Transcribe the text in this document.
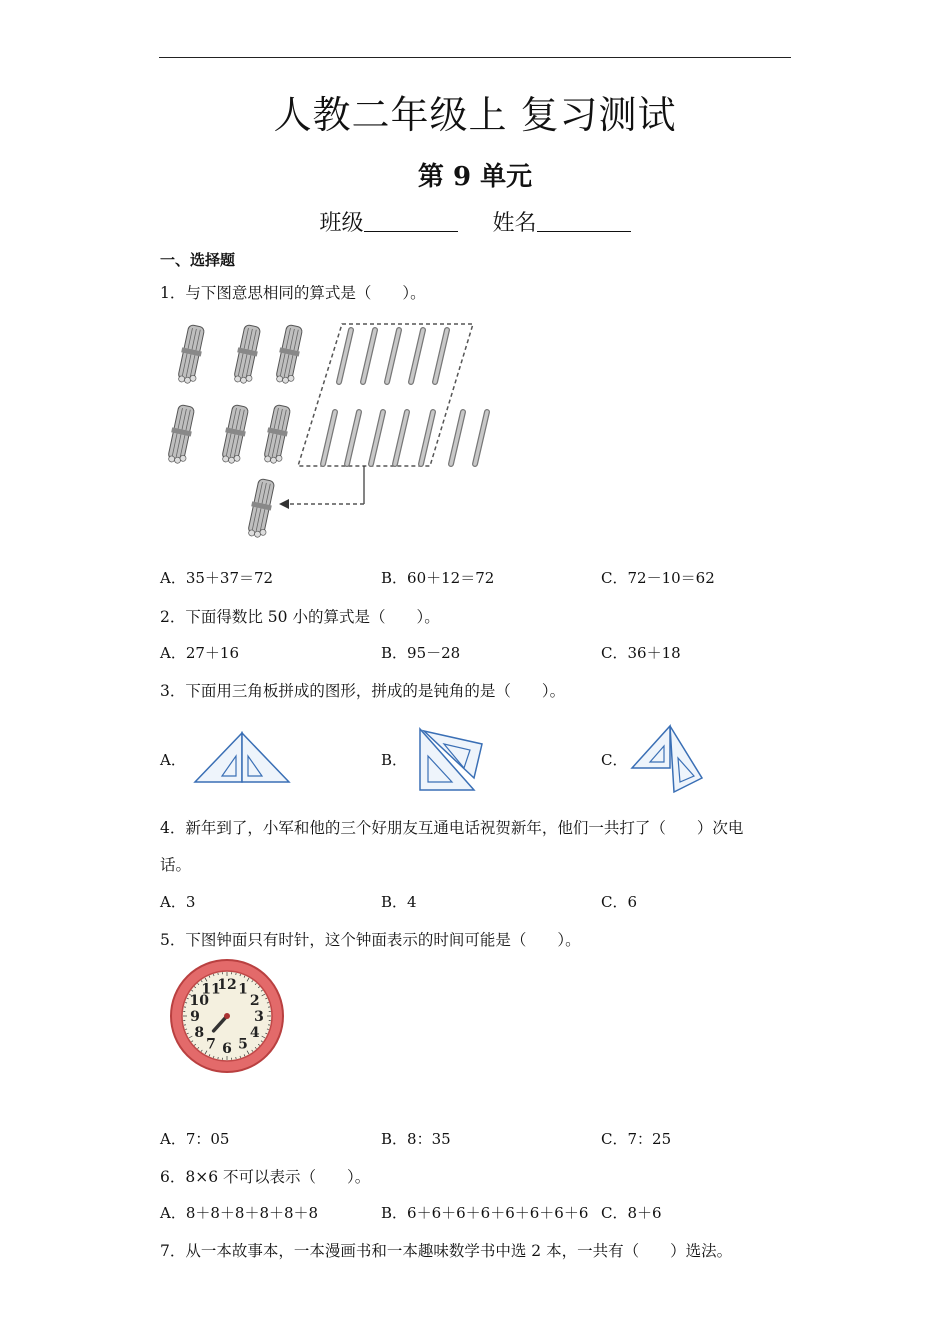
人教二年级上 复习测试
第 9 单元
班级	姓名
一、选择题
1．与下图意思相同的算式是（　　）。
A．35＋37＝72	B．60＋12＝72	C．72－10＝62
2．下面得数比 50 小的算式是（　　）。
A．27＋16	B．95－28	C．36＋18
3．下面用三角板拼成的图形，拼成的是钝角的是（　　）。
A．	B．	C．
4．新年到了，小军和他的三个好朋友互通电话祝贺新年，他们一共打了（　　）次电
话。
A．3	B．4	C．6
5．下图钟面只有时针，这个钟面表示的时间可能是（　　）。
12 1
2
3
4
5
6
7
8
9
10
11
A．7：05	B．8：35	C．7：25
6．8×6 不可以表示（　　）。
A．8＋8＋8＋8＋8＋8	B．6＋6＋6＋6＋6＋6＋6＋6 C．8＋6
7．从一本故事本，一本漫画书和一本趣味数学书中选 2 本，一共有（　　）选法。
